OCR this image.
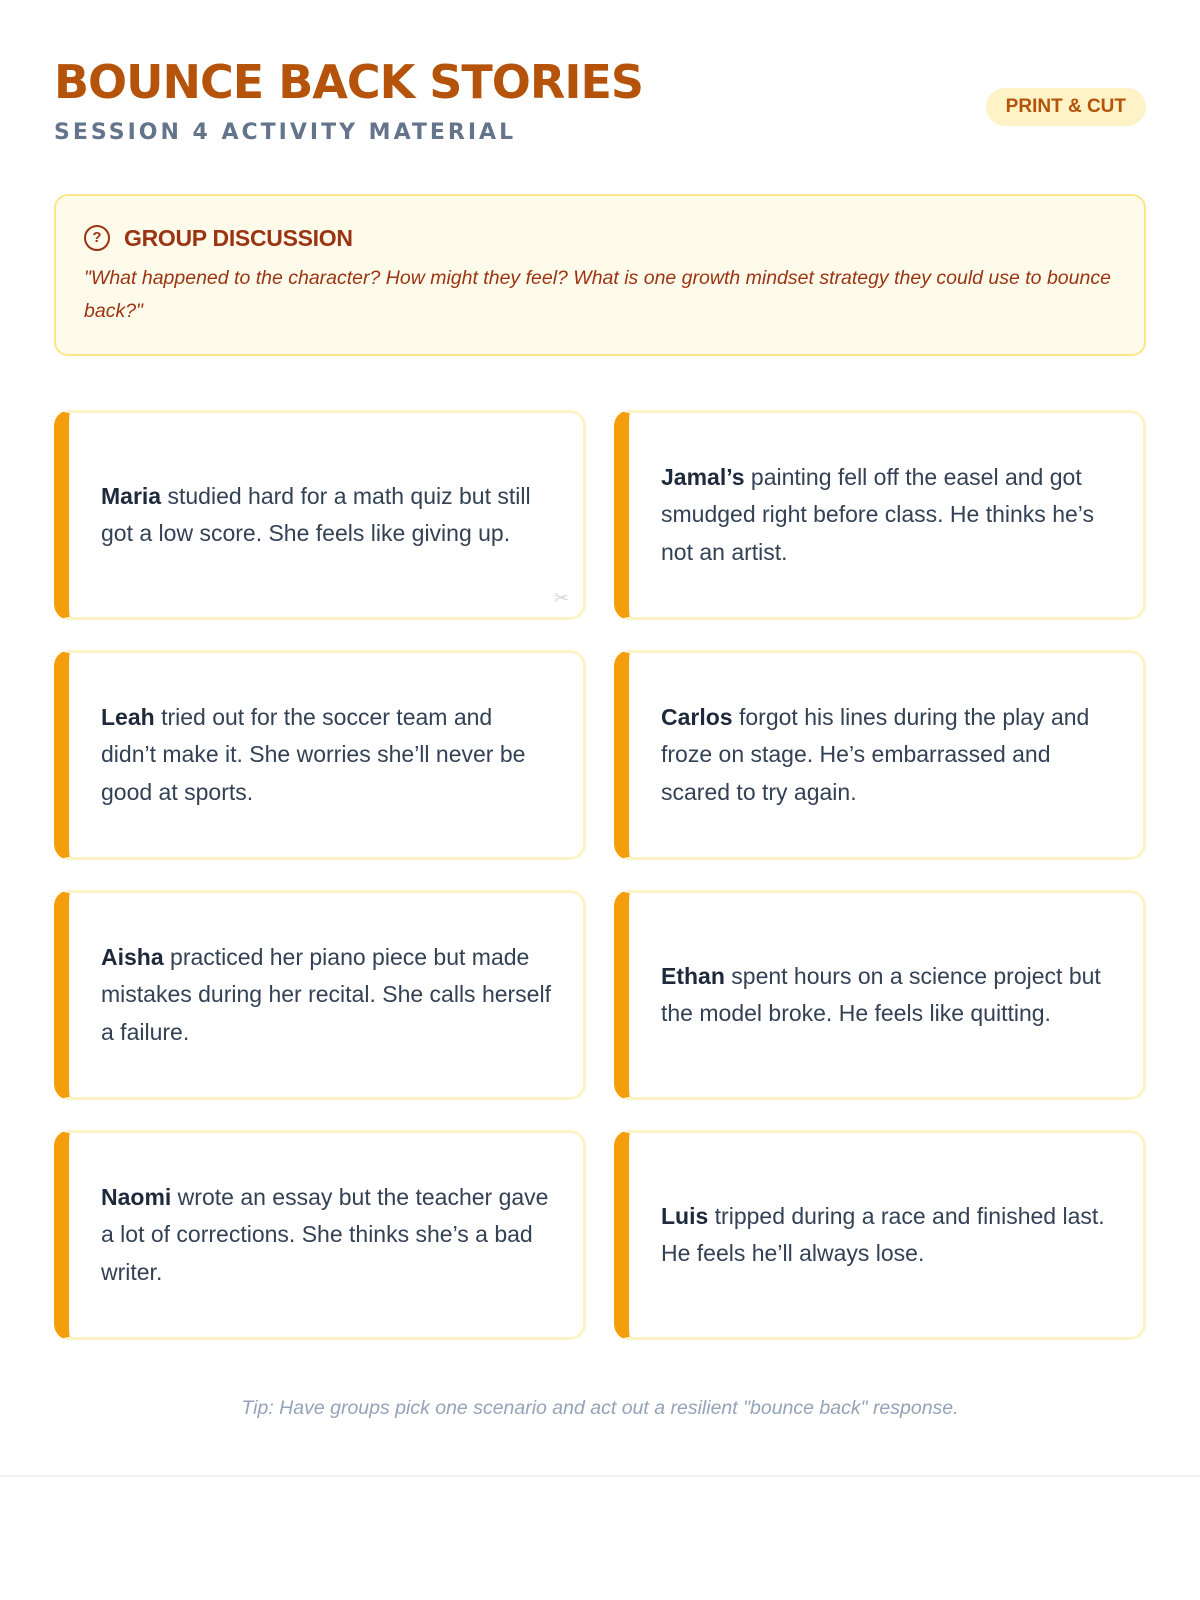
BOUNCE BACK STORIES
SESSION 4 ACTIVITY MATERIAL
PRINT & CUT
? GROUP DISCUSSION
"What happened to the character? How might they feel? What is one growth mindset strategy they could use to bounce back?"
Maria studied hard for a math quiz but still got a low score. She feels like giving up.
✂
Jamal’s painting fell off the easel and got smudged right before class. He thinks he’s not an artist.
Leah tried out for the soccer team and didn’t make it. She worries she’ll never be good at sports.
Carlos forgot his lines during the play and froze on stage. He’s embarrassed and scared to try again.
Aisha practiced her piano piece but made mistakes during her recital. She calls herself a failure.
Ethan spent hours on a science project but the model broke. He feels like quitting.
Naomi wrote an essay but the teacher gave a lot of corrections. She thinks she’s a bad writer.
Luis tripped during a race and finished last. He feels he’ll always lose.
Tip: Have groups pick one scenario and act out a resilient "bounce back" response.
